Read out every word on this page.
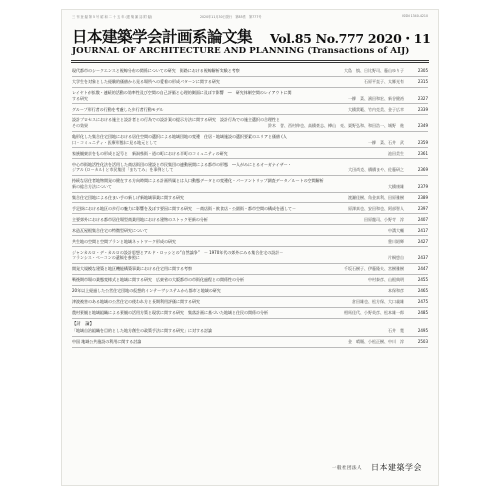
三 刊 登 録 第 5 号 昭 和 二 十 五 年 (建 築 雑 誌 附 録)	2020年11月30日発行　第85巻　第777号	ISSN 1340-4210
日本建築学会計画系論文集 Vol.85 No.777 2020・11
JOURNAL OF ARCHITECTURE AND PLANNING (Transactions of AIJ)
現代都市のシークエンスと視線分布の関係についての研究　街路における視線解析実験と考察	大島　慎、日比野司、藤山ゆり子	2305
大学生を対象とした経験的価値から見る場所への愛着の形成パターンに関する研究	石原平直子、太郷光有	2315
レイヤトが拡散・連続的活動の効率性及び空間の自己評価と心理的側面に及ぼす影響　―　研究体制空間のレイアウトに関
する研究	一柳　菜、濱田和宏、新谷健裕	2327
グループ形行者の行動を考慮した歩行者行動モデル	大橋貴範、竹内克美、金子広幸	2339
設計プロセスにおける施主と設計者との行為での設計案の提示方法に関する研究　設計行為での施主選択の合理性と
その効果	鈴木　誉、西村伸也、高橋豪志、樺山　亮、栗野弘和、和田浩一、城野　進	2349
亀形化した集合住宅団地における居住空間の選択による地域団地の変遷　住居・地域施設の選択要素のエリアと価値 (人
口・コミュニティ・医療形態)に見る地元として	一柳　菜、石井　武	2359
家族観東京をもの形成と記号と　新潟県街・道の町における半町のコミュニティの研究	池田美生	2361
中心市街地活性化法を活用した商店街団の建設と市民集団の連動展開による都市の形態　―人がみにとるオーガナイザー・
ジアル (ローカル) と市民集団「まちてみ」を事例として	大田尚克、橋橋まや、佐藤研之	2369
持続な居住者地物開発の健在する方向時間による計画所属とは人口動態データとの変遷化 - パーソントリップ調査データ／ルートの空間解析
新の総合方法について	大橋康雄	2379
集合住宅団地による住まい手の新しげ新地域事業に関する研究	渡瀬佳樹、角金真利、田原雅樹	2389
手足掛における地区の歩行の魅力に影響を及ぼす要因に関する研究　－商店街・飲食店・公園街・都市空間の構成を通して－	原澤真也、安田和也、阿部智人	2397
主要郊外における都市居住場型商業用地における建物のストック更新の分析	田原龍司、小野寺　淳	2407
木造瓦屋根集合住宅の特徴型研究について	中溝大輔	2417
共生地の空間と空間プランと地域ネットワーク形成の研究	豊川紹輝	2427
ジャンカルロ・デ・カルロの設計思想とアルド・ロッシとの“自然論争”　－ 1970年代の郊外にみる集合住宅の設計－
フランシス・ベーコンの遺稿を参照に	片桐悠自	2437
開発大規模な建築と地区機能構築事業における住宅用に関する考察	千坂石樹子、伊藤隆夫、宮樹雅樹	2447
戦後期市場の業態変様式と地域に関する研究　広東省の大阪都市の市街化過程との関係性の分析	中村泰彦、山根典明	2455
20年以上経過した公営住宅団地の仮想的インテーヴシステムから都市と地域の研究	本保和彦	2465
津波被害のある地域の公営住宅の使われ方と長期利用評価に関する研究	倉田雄也、松方保、大口義雄	2475
農村景観と地域組織による景観の活用方策と現状に関する研究　集落計画に基づいた地域と住民の関係の分析	相馬佳代、小野英彦、松本雄一郎	2485
【討　論】
「地域自治組織を目的とした地方創生の政策手法に関する研究」に対する討論	石井　寛	2495
中国 地域公共施設の利用に関する討論	金　晴順、小松正樹、中川　淳	2503
一般社団法人 日本建築学会
